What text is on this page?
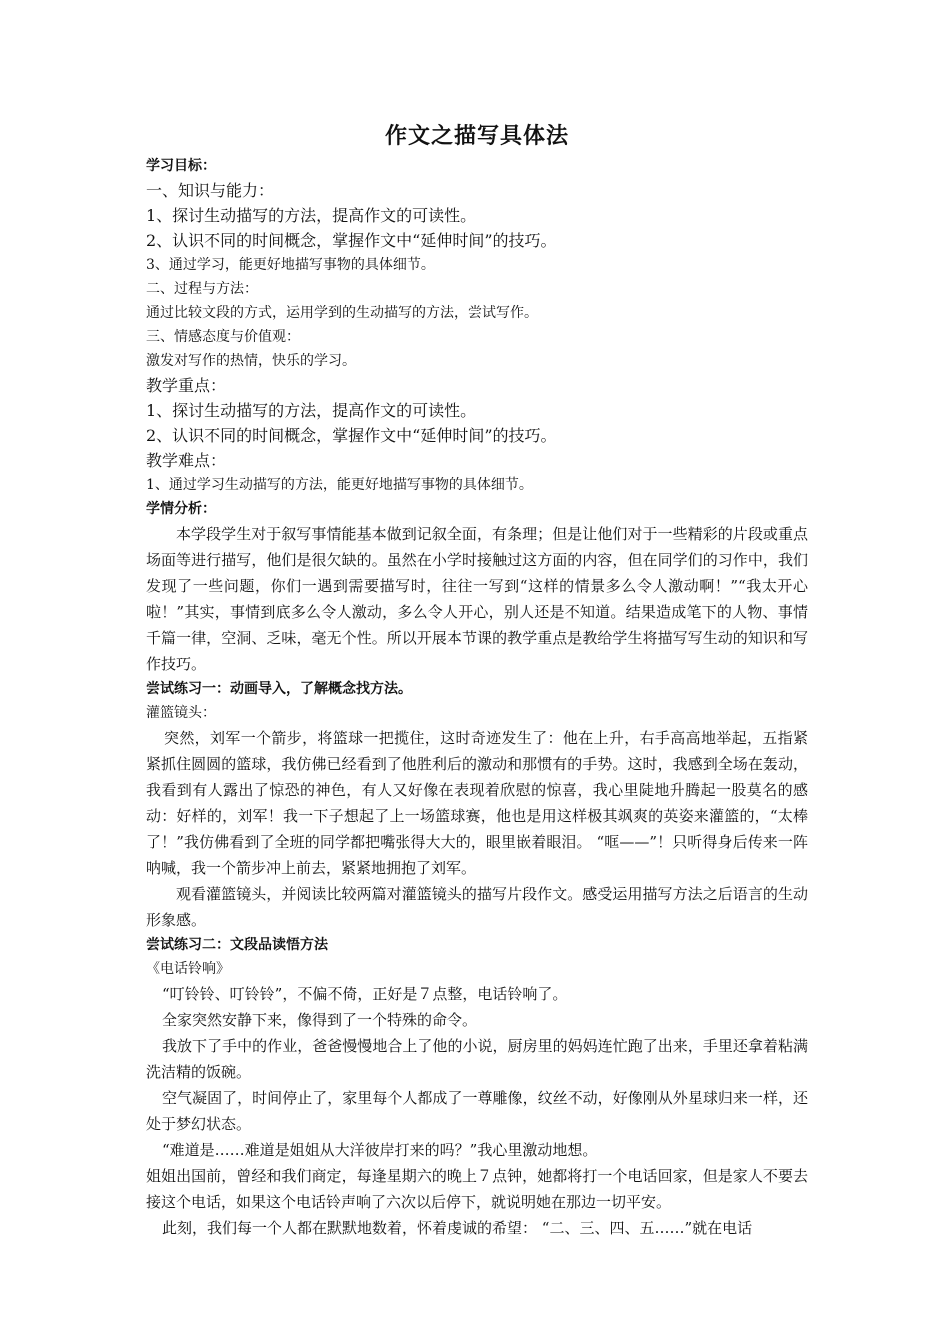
作文之描写具体法

学习目标：

一、知识与能力：

1、探讨生动描写的方法，提高作文的可读性。

2、认识不同的时间概念，掌握作文中“延伸时间”的技巧。

3、通过学习，能更好地描写事物的具体细节。

二、过程与方法：

通过比较文段的方式，运用学到的生动描写的方法，尝试写作。

三、情感态度与价值观：

激发对写作的热情，快乐的学习。

教学重点：

1、探讨生动描写的方法，提高作文的可读性。

2、认识不同的时间概念，掌握作文中“延伸时间”的技巧。

教学难点：

1、通过学习生动描写的方法，能更好地描写事物的具体细节。

学情分析：

本学段学生对于叙写事情能基本做到记叙全面，有条理；但是让他们对于一些精彩的片段或重点场面等进行描写，他们是很欠缺的。虽然在小学时接触过这方面的内容，但在同学们的习作中，我们发现了一些问题，你们一遇到需要描写时，往往一写到“这样的情景多么令人激动啊！”“我太开心啦！”其实，事情到底多么令人激动，多么令人开心，别人还是不知道。结果造成笔下的人物、事情千篇一律，空洞、乏味，毫无个性。所以开展本节课的教学重点是教给学生将描写写生动的知识和写作技巧。

尝试练习一：动画导入，了解概念找方法。

灌篮镜头：

突然，刘军一个箭步，将篮球一把揽住，这时奇迹发生了：他在上升，右手高高地举起，五指紧紧抓住圆圆的篮球，我仿佛已经看到了他胜利后的激动和那惯有的手势。这时，我感到全场在轰动，我看到有人露出了惊恐的神色，有人又好像在表现着欣慰的惊喜，我心里陡地升腾起一股莫名的感动：好样的，刘军！我一下子想起了上一场篮球赛，他也是用这样极其飒爽的英姿来灌篮的，“太棒了！”我仿佛看到了全班的同学都把嘴张得大大的，眼里嵌着眼泪。 “哐——”！只听得身后传来一阵呐喊，我一个箭步冲上前去，紧紧地拥抱了刘军。

观看灌篮镜头，并阅读比较两篇对灌篮镜头的描写片段作文。感受运用描写方法之后语言的生动形象感。

尝试练习二：文段品读悟方法

《电话铃响》

“叮铃铃、叮铃铃”，不偏不倚，正好是７点整，电话铃响了。

全家突然安静下来，像得到了一个特殊的命令。

我放下了手中的作业，爸爸慢慢地合上了他的小说，厨房里的妈妈连忙跑了出来，手里还拿着粘满洗洁精的饭碗。

空气凝固了，时间停止了，家里每个人都成了一尊雕像，纹丝不动，好像刚从外星球归来一样，还处于梦幻状态。

“难道是……难道是姐姐从大洋彼岸打来的吗？”我心里激动地想。

姐姐出国前，曾经和我们商定，每逢星期六的晚上７点钟，她都将打一个电话回家，但是家人不要去接这个电话，如果这个电话铃声响了六次以后停下，就说明她在那边一切平安。

此刻，我们每一个人都在默默地数着，怀着虔诚的希望： “二、三、四、五……”就在电话
